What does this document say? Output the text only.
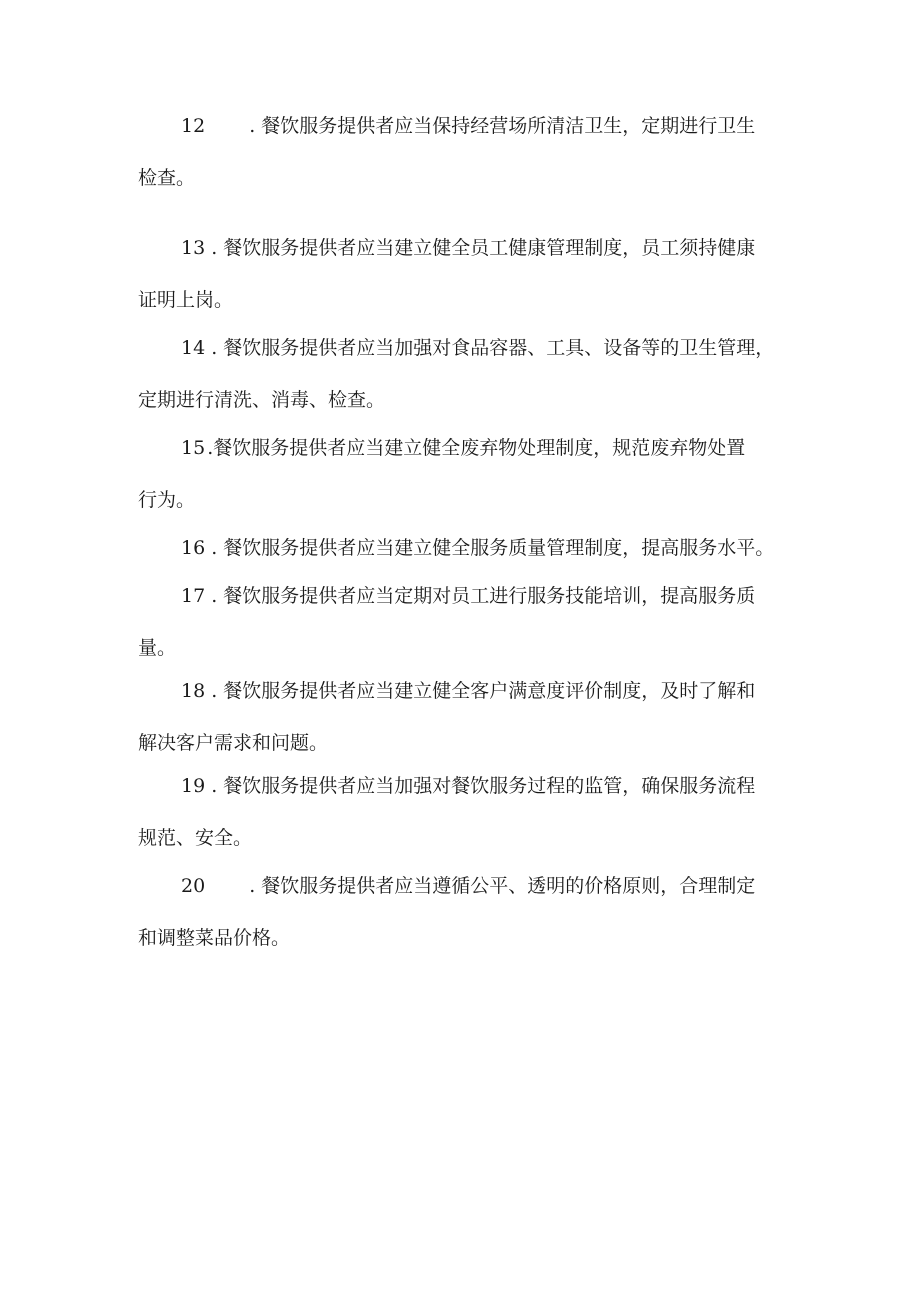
12 . 餐饮服务提供者应当保持经营场所清洁卫生，定期进行卫生
检查。
13 . 餐饮服务提供者应当建立健全员工健康管理制度，员工须持健康
证明上岗。
14 . 餐饮服务提供者应当加强对食品容器、工具、设备等的卫生管理，
定期进行清洗、消毒、检查。
15 .餐饮服务提供者应当建立健全废弃物处理制度，规范废弃物处置
行为。
16 . 餐饮服务提供者应当建立健全服务质量管理制度，提高服务水平。
17 . 餐饮服务提供者应当定期对员工进行服务技能培训，提高服务质
量。
18 . 餐饮服务提供者应当建立健全客户满意度评价制度，及时了解和
解决客户需求和问题。
19 . 餐饮服务提供者应当加强对餐饮服务过程的监管，确保服务流程
规范、安全。
20 . 餐饮服务提供者应当遵循公平、透明的价格原则，合理制定
和调整菜品价格。
